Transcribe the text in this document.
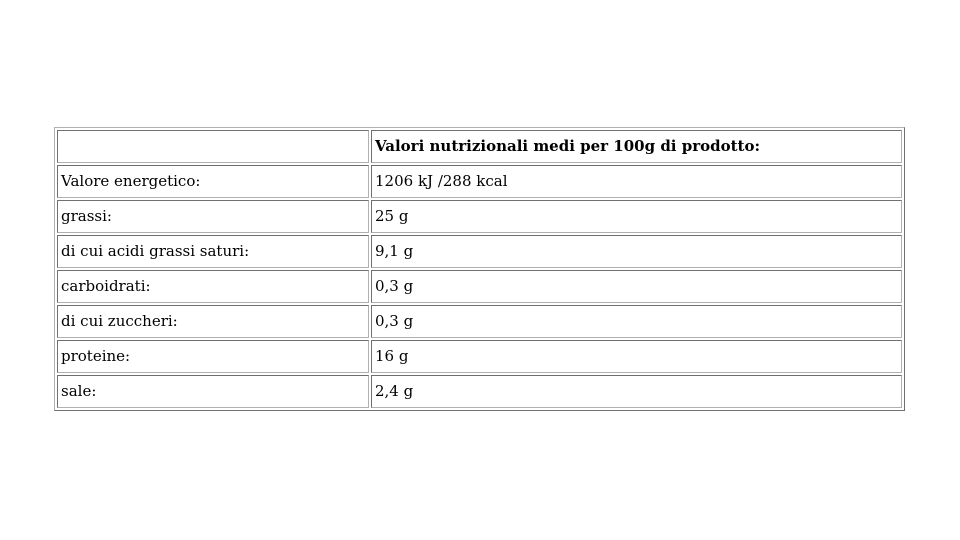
	Valori nutrizionali medi per 100g di prodotto:
Valore energetico:	1206 kJ /288 kcal
grassi:	25 g
di cui acidi grassi saturi:	9,1 g
carboidrati:	0,3 g
di cui zuccheri:	0,3 g
proteine:	16 g
sale:	2,4 g
